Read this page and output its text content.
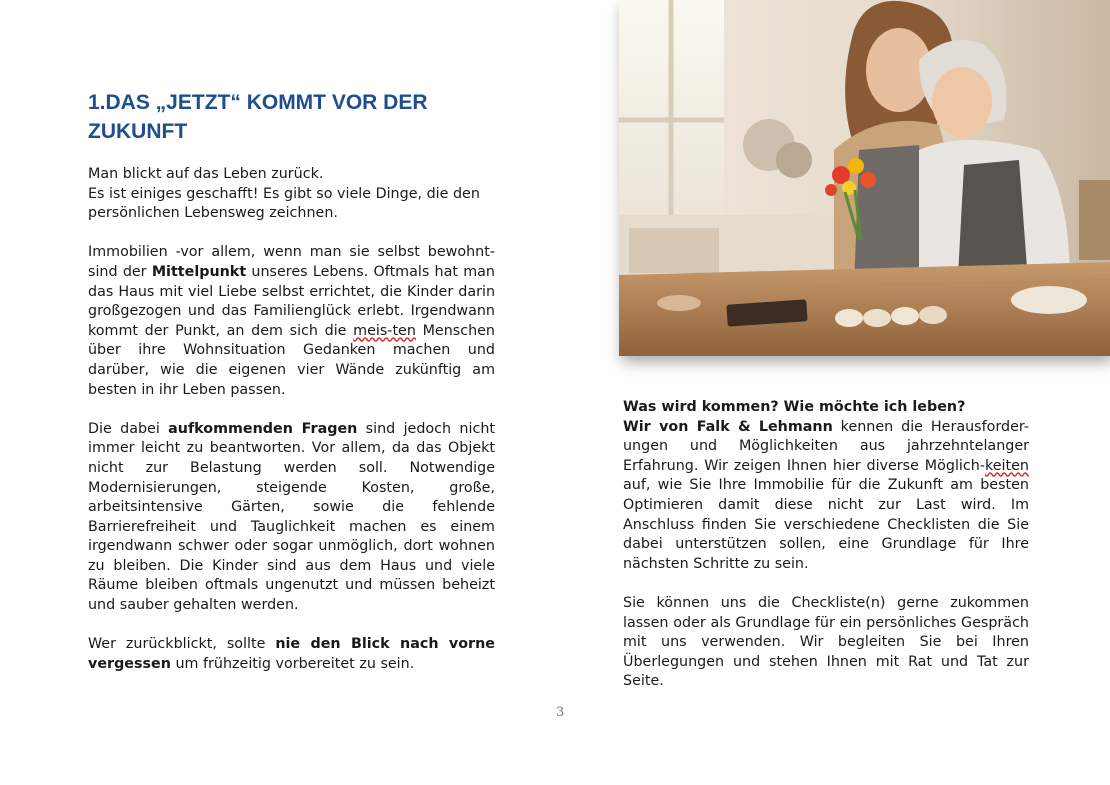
1.DAS „JETZT“ KOMMT VOR DER
ZUKUNFT

Man blickt auf das Leben zurück.
Es ist einiges geschafft! Es gibt so viele Dinge, die den persönlichen Lebensweg zeichnen.

Immobilien -vor allem, wenn man sie selbst bewohnt- sind der Mittelpunkt unseres Lebens. Oftmals hat man das Haus mit viel Liebe selbst errichtet, die Kinder darin großgezogen und das Familienglück erlebt. Irgendwann kommt der Punkt, an dem sich die meis-ten Menschen über ihre Wohnsituation Gedanken machen und darüber, wie die eigenen vier Wände zukünftig am besten in ihr Leben passen.

Die dabei aufkommenden Fragen sind jedoch nicht immer leicht zu beantworten. Vor allem, da das Objekt nicht zur Belastung werden soll. Notwendige Modernisierungen, steigende Kosten, große, arbeitsintensive Gärten, sowie die fehlende Barrierefreiheit und Tauglichkeit machen es einem irgendwann schwer oder sogar unmöglich, dort wohnen zu bleiben. Die Kinder sind aus dem Haus und viele Räume bleiben oftmals ungenutzt und müssen beheizt und sauber gehalten werden.

Wer zurückblickt, sollte nie den Blick nach vorne vergessen um frühzeitig vorbereitet zu sein.

Was wird kommen? Wie möchte ich leben?

Wir von Falk & Lehmann kennen die Herausforder-ungen und Möglichkeiten aus jahrzehntelanger Erfahrung. Wir zeigen Ihnen hier diverse Möglich-keiten auf, wie Sie Ihre Immobilie für die Zukunft am besten Optimieren damit diese nicht zur Last wird. Im Anschluss finden Sie verschiedene Checklisten die Sie dabei unterstützen sollen, eine Grundlage für Ihre nächsten Schritte zu sein.

Sie können uns die Checkliste(n) gerne zukommen lassen oder als Grundlage für ein persönliches Gespräch mit uns verwenden. Wir begleiten Sie bei Ihren Überlegungen und stehen Ihnen mit Rat und Tat zur Seite.

3
